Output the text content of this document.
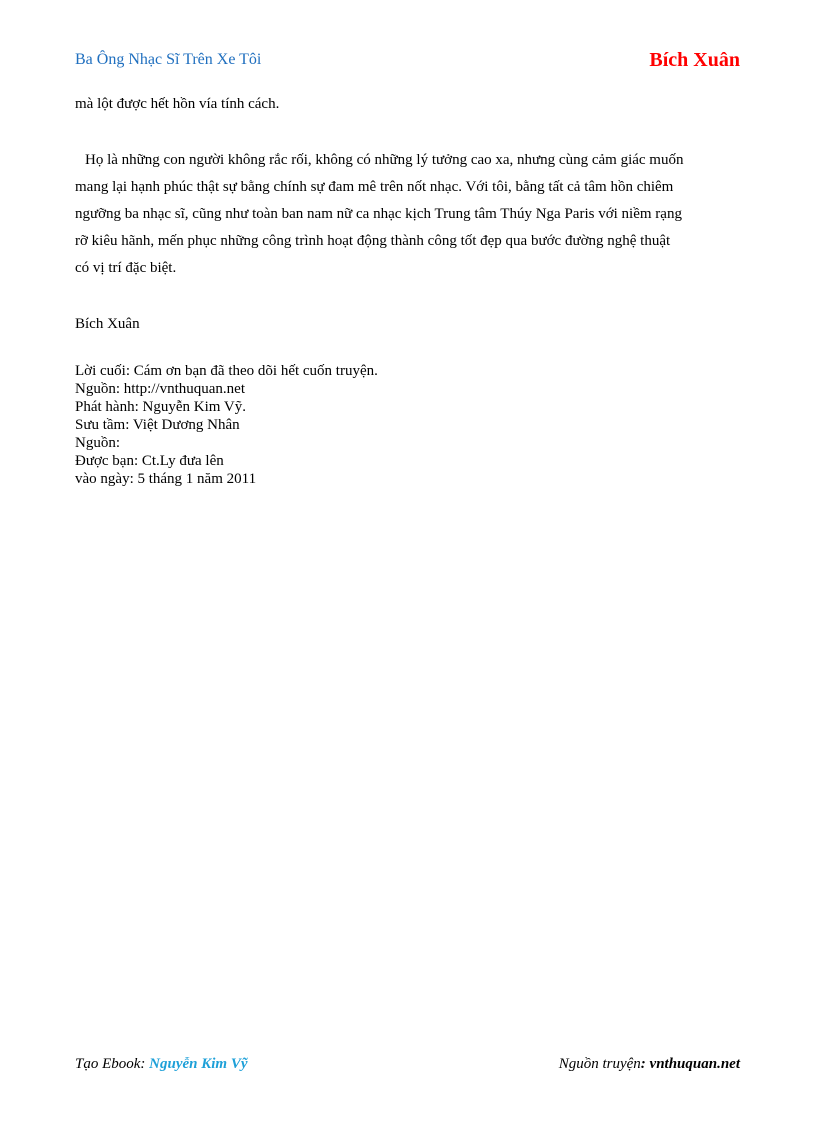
Ba Ông Nhạc Sĩ Trên Xe Tôi	Bích Xuân
mà lột được hết hồn vía tính cách.
Họ là những con người không rắc rối, không có những lý tưởng cao xa, nhưng cùng cảm giác muốn
mang lại hạnh phúc thật sự bằng chính sự đam mê trên nốt nhạc. Với tôi, bằng tất cả tâm hồn chiêm
ngưỡng ba nhạc sĩ, cũng như toàn ban nam nữ ca nhạc kịch Trung tâm Thúy Nga Paris với niềm rạng
rỡ kiêu hãnh, mến phục những công trình hoạt động thành công tốt đẹp qua bước đường nghệ thuật
có vị trí đặc biệt.
Bích Xuân
Lời cuối: Cám ơn bạn đã theo dõi hết cuốn truyện.
Nguồn: http://vnthuquan.net
Phát hành: Nguyễn Kim Vỹ.
Sưu tầm: Việt Dương Nhân
Nguồn:
Được bạn: Ct.Ly đưa lên
vào ngày: 5 tháng 1 năm 2011
Tạo Ebook: Nguyễn Kim Vỹ	Nguồn truyện: vnthuquan.net
